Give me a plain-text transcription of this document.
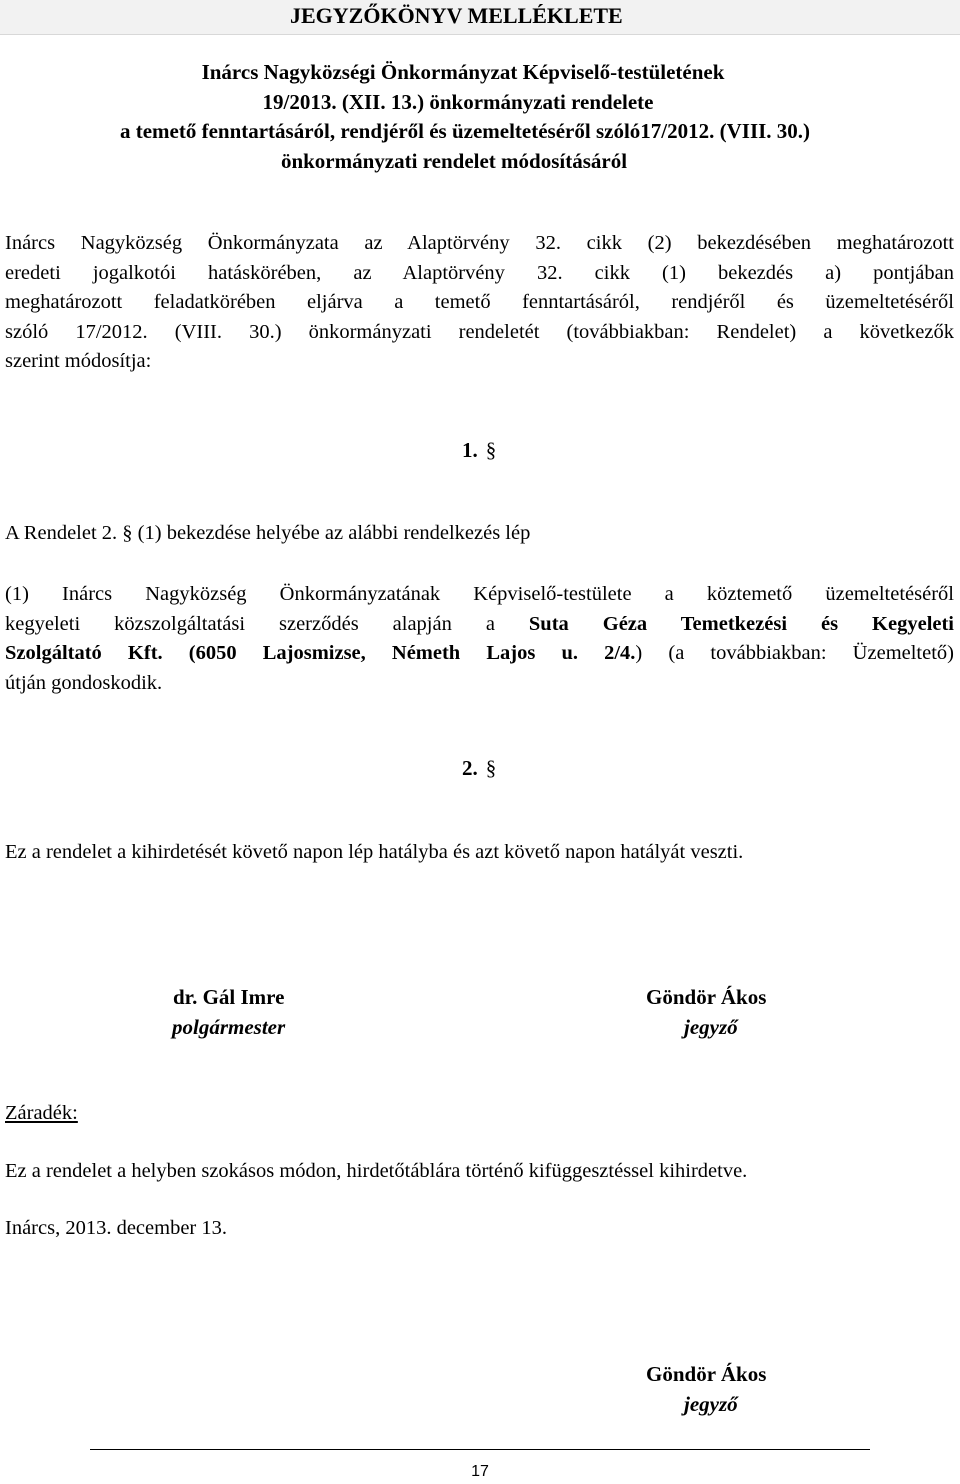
JEGYZŐKÖNYV MELLÉKLETE
Inárcs Nagyközségi Önkormányzat Képviselő-testületének
19/2013. (XII. 13.) önkormányzati rendelete
a temető fenntartásáról, rendjéről és üzemeltetéséről szóló17/2012. (VIII. 30.)
önkormányzati rendelet módosításáról
Inárcs Nagyközség Önkormányzata az Alaptörvény 32. cikk (2) bekezdésében meghatározott
eredeti jogalkotói hatáskörében, az Alaptörvény 32. cikk (1) bekezdés a) pontjában
meghatározott feladatkörében eljárva a temető fenntartásáról, rendjéről és üzemeltetéséről
szóló 17/2012. (VIII. 30.) önkormányzati rendeletét (továbbiakban: Rendelet) a következők
szerint módosítja:
1. §
A Rendelet 2. § (1) bekezdése helyébe az alábbi rendelkezés lép
(1) Inárcs Nagyközség Önkormányzatának Képviselő-testülete a köztemető üzemeltetéséről
kegyeleti közszolgáltatási szerződés alapján a Suta Géza Temetkezési és Kegyeleti
Szolgáltató Kft. (6050 Lajosmizse, Németh Lajos u. 2/4.) (a továbbiakban: Üzemeltető)
útján gondoskodik.
2. §
Ez a rendelet a kihirdetését követő napon lép hatályba és azt követő napon hatályát veszti.
dr. Gál Imre
polgármester
Göndör Ákos
jegyző
Záradék:
Ez a rendelet a helyben szokásos módon, hirdetőtáblára történő kifüggesztéssel kihirdetve.
Inárcs, 2013. december 13.
Göndör Ákos
jegyző
17
